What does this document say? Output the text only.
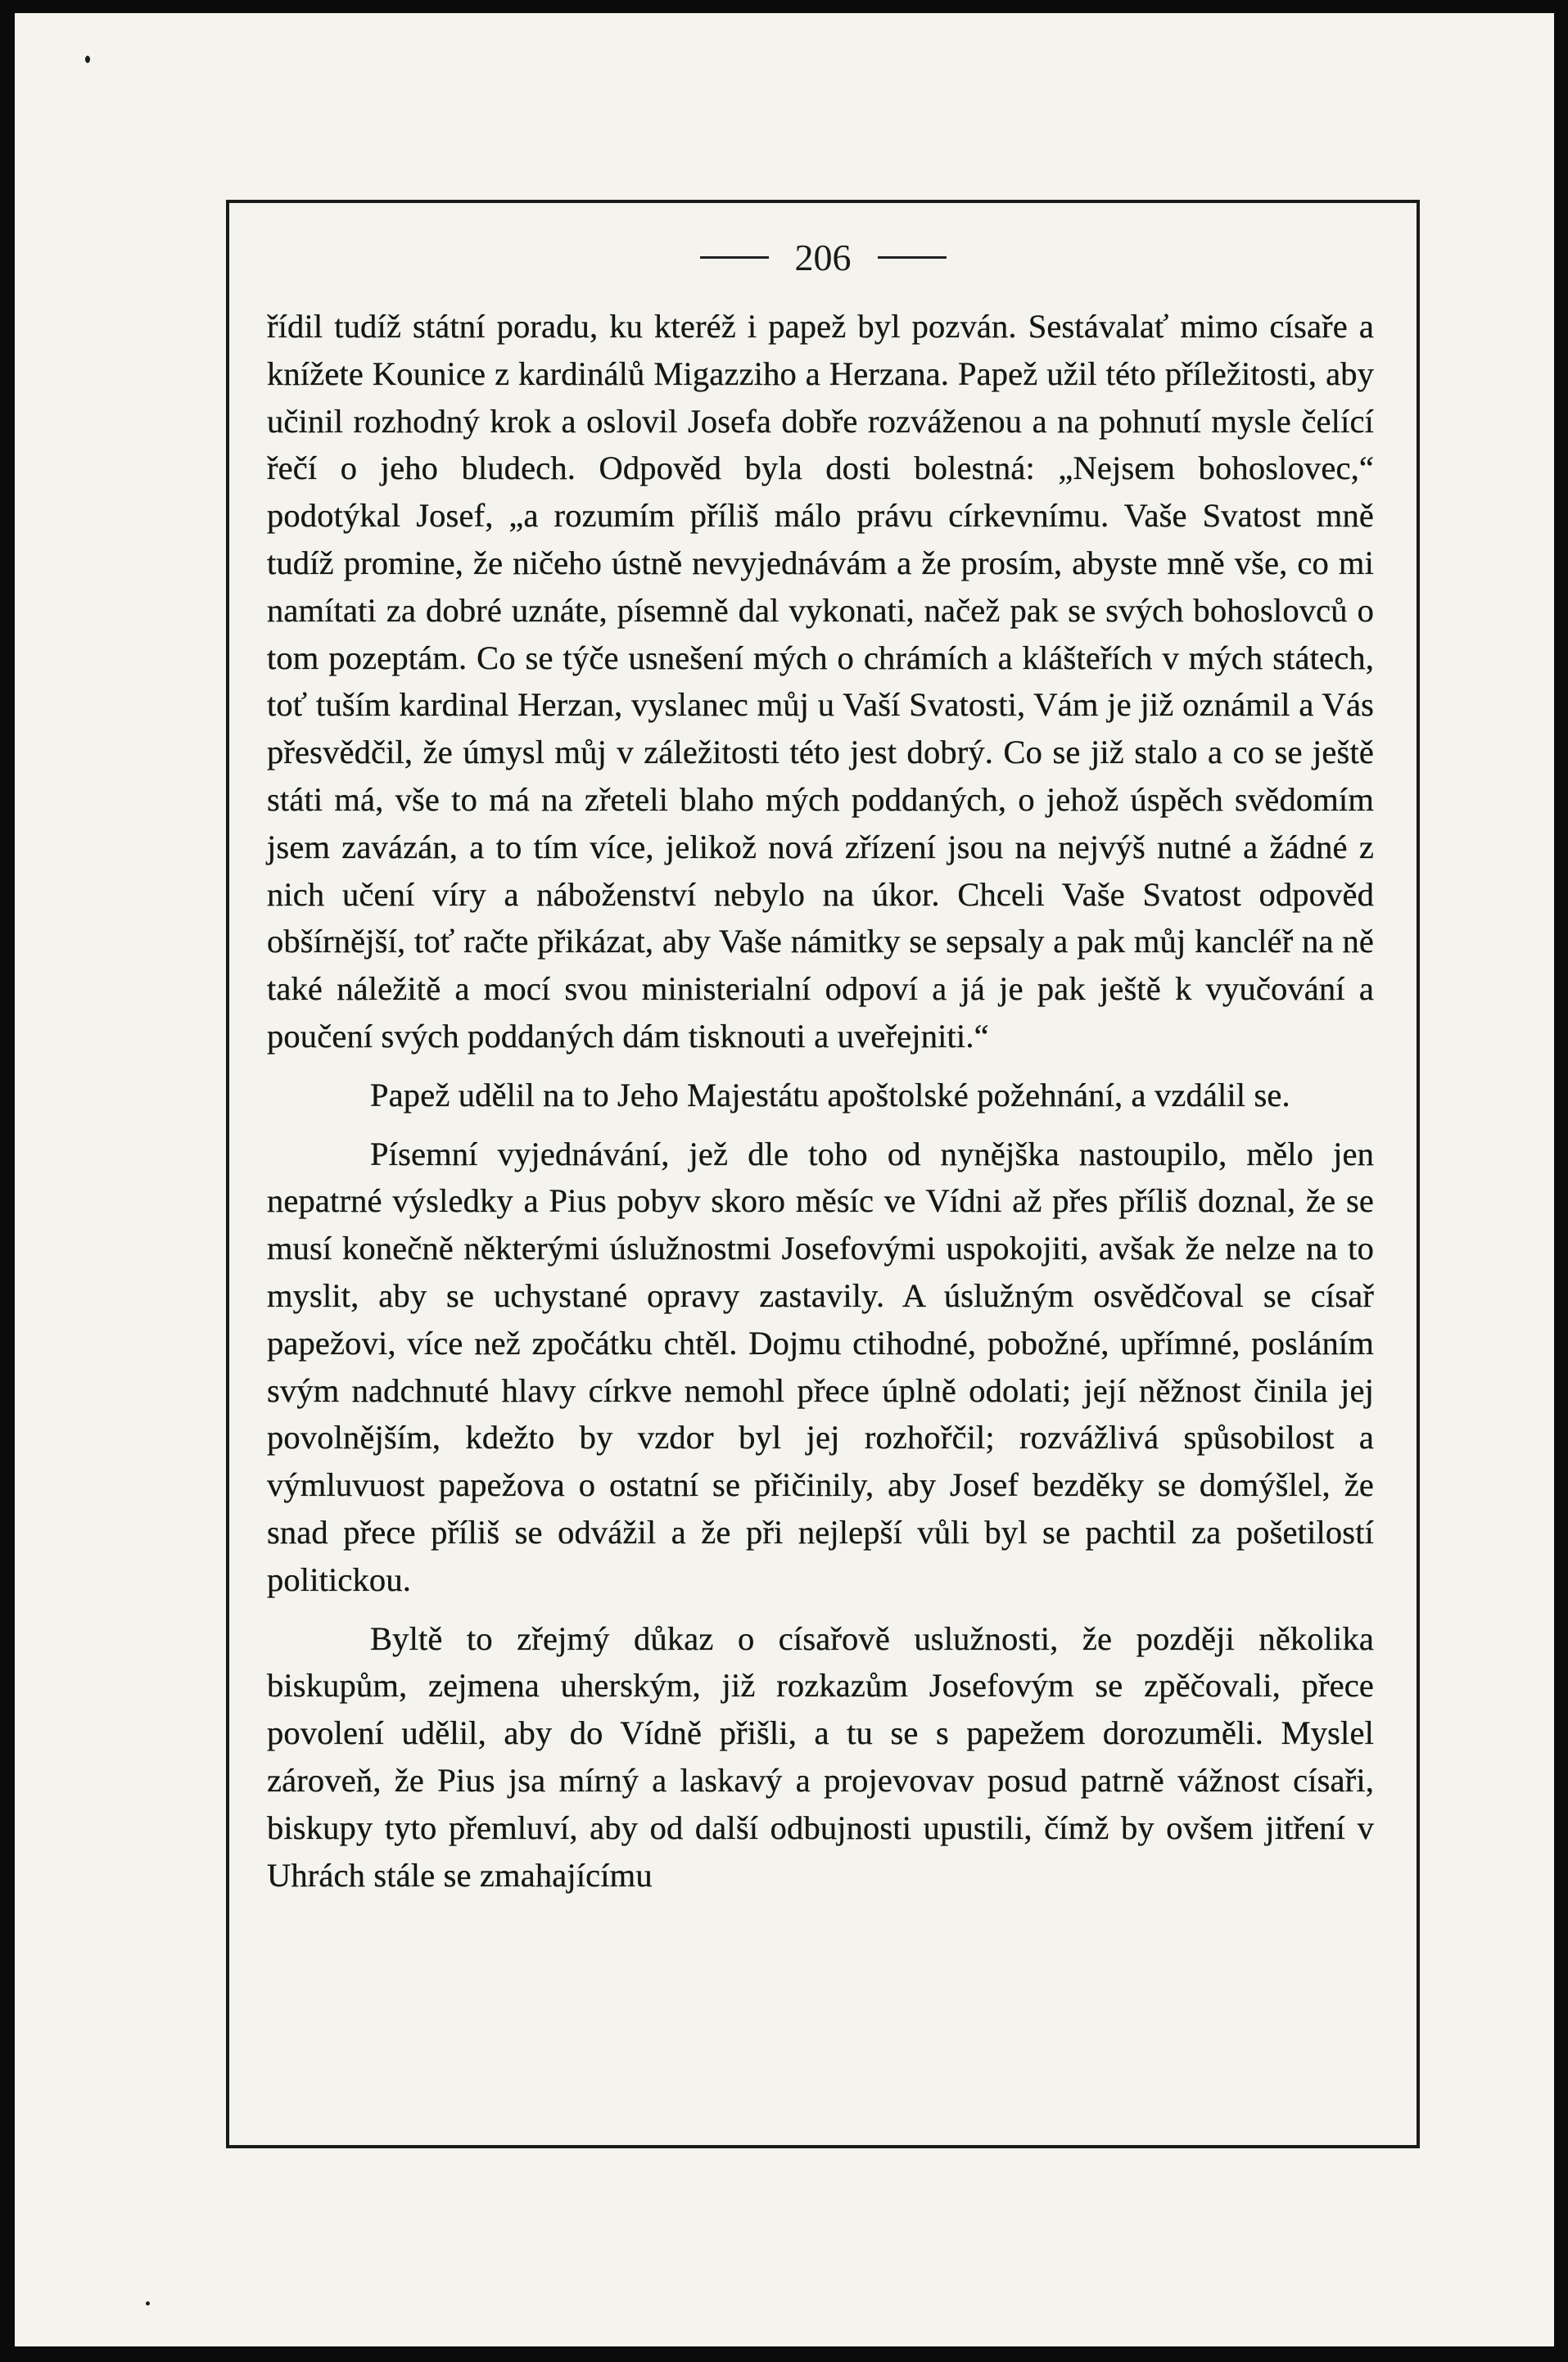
206

řídil tudíž státní poradu, ku kteréž i papež byl pozván. Sestávalať mimo císaře a knížete Kounice z kardinálů Migazziho a Herzana. Papež užil této příležitosti, aby učinil rozhodný krok a oslovil Josefa dobře rozváženou a na pohnutí mysle čelící řečí o jeho bludech. Odpověd byla dosti bolestná: „Nejsem bohoslovec,“ podotýkal Josef, „a rozumím příliš málo právu církevnímu. Vaše Svatost mně tudíž promine, že ničeho ústně nevyjednávám a že prosím, abyste mně vše, co mi namítati za dobré uznáte, písemně dal vykonati, načež pak se svých bohoslovců o tom pozeptám. Co se týče usnešení mých o chrámích a klášteřích v mých státech, toť tuším kardinal Herzan, vyslanec můj u Vaší Svatosti, Vám je již oznámil a Vás přesvědčil, že úmysl můj v záležitosti této jest dobrý. Co se již stalo a co se ještě státi má, vše to má na zřeteli blaho mých poddaných, o jehož úspěch svědomím jsem zavázán, a to tím více, jelikož nová zřízení jsou na nejvýš nutné a žádné z nich učení víry a náboženství nebylo na úkor. Chceli Vaše Svatost odpověd obšírnější, toť račte přikázat, aby Vaše námitky se sepsaly a pak můj kancléř na ně také náležitě a mocí svou ministerialní odpoví a já je pak ještě k vyučování a poučení svých poddaných dám tisknouti a uveřejniti.“

Papež udělil na to Jeho Majestátu apoštolské požehnání, a vzdálil se.

Písemní vyjednávání, jež dle toho od nynějška nastoupilo, mělo jen nepatrné výsledky a Pius pobyv skoro měsíc ve Vídni až přes příliš doznal, že se musí konečně některými úslužnostmi Josefovými uspokojiti, avšak že nelze na to myslit, aby se uchystané opravy zastavily. A úslužným osvědčoval se císař papežovi, více než zpočátku chtěl. Dojmu ctihodné, pobožné, upřímné, posláním svým nadchnuté hlavy církve nemohl přece úplně odolati; její něžnost činila jej povolnějším, kdežto by vzdor byl jej rozhořčil; rozvážlivá spůsobilost a výmluvuost papežova o ostatní se přičinily, aby Josef bezděky se domýšlel, že snad přece příliš se odvážil a že při nejlepší vůli byl se pachtil za pošetilostí politickou.

Byltě to zřejmý důkaz o císařově uslužnosti, že později několika biskupům, zejmena uherským, již rozkazům Josefovým se zpěčovali, přece povolení udělil, aby do Vídně přišli, a tu se s papežem dorozuměli. Myslel zároveň, že Pius jsa mírný a laskavý a projevovav posud patrně vážnost císaři, biskupy tyto přemluví, aby od další odbujnosti upustili, čímž by ovšem jitření v Uhrách stále se zmahajícímu
